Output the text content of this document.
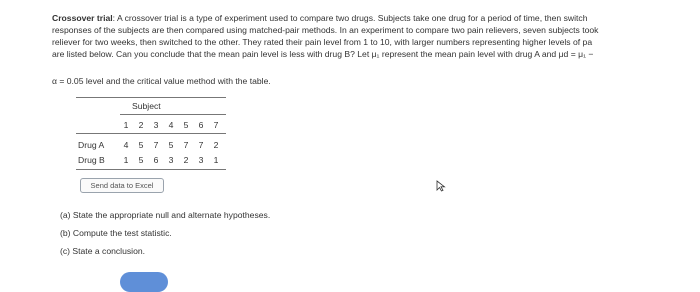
Crossover trial: A crossover trial is a type of experiment used to compare two drugs. Subjects take one drug for a period of time, then switch
responses of the subjects are then compared using matched-pair methods. In an experiment to compare two pain relievers, seven subjects took
reliever for two weeks, then switched to the other. They rated their pain level from 1 to 10, with larger numbers representing higher levels of pa
are listed below. Can you conclude that the mean pain level is less with drug B? Let μ₁ represent the mean pain level with drug A and μd = μ₁ −
α = 0.05 level and the critical value method with the table.
Subject
1	2	3	4	5	6	7
Drug A	4	5	7	5	7	7	2
Drug B	1	5	6	3	2	3	1
Send data to Excel
(a) State the appropriate null and alternate hypotheses.
(b) Compute the test statistic.
(c) State a conclusion.
